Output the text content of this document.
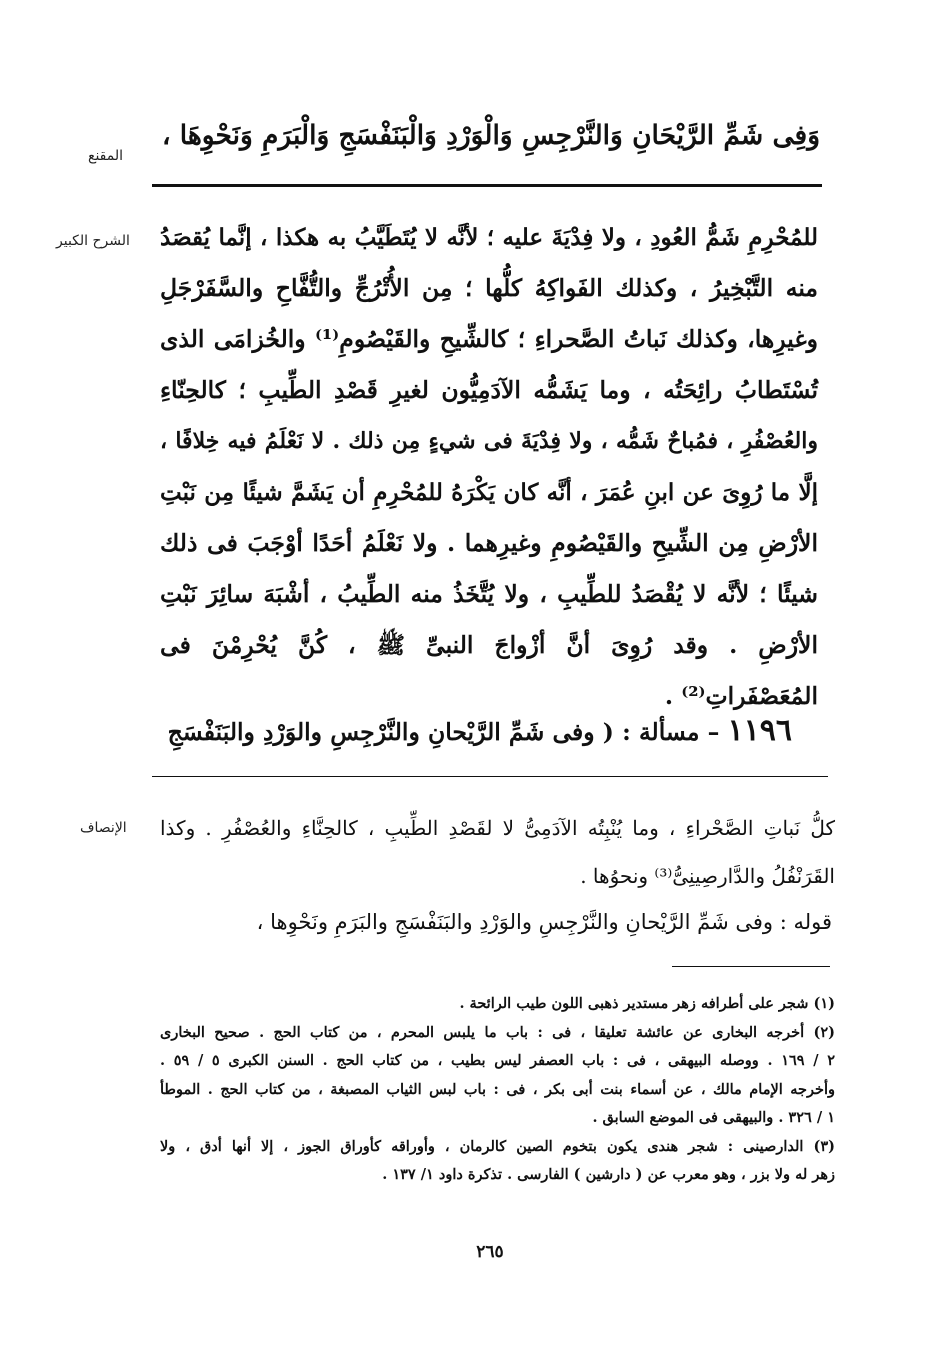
المقنع
وَفِى شَمِّ الرَّيْحَانِ وَالنَّرْجِسِ وَالْوَرْدِ وَالْبَنَفْسَجِ وَالْبَرَمِ وَنَحْوِهَا ،
الشرح الكبير للمُحْرِمِ شَمُّ العُودِ ، ولا فِدْيَةَ عليه ؛ لأنَّه لا يُتَطَيَّبُ به هكذا ، إنَّما يُقصَدُ
منه التَّبْخِيرُ ، وكذلك الفَواكِهُ كلُّها ؛ مِن الأُتْرُجِّ والتُّفَّاحِ والسَّفَرْجَلِ
وغيرِها، وكذلك نَباتُ الصَّحراءِ ؛ كالشِّيحِ والقَيْصُومِ⁽¹⁾ والخُزامَى الذى
تُسْتَطابُ رائِحَتُه ، وما يَشَمُّه الآدَمِيُّون لغيرِ قَصْدِ الطِّيبِ ؛ كالحِنّاءِ
والعُصْفُرِ ، فمُباحٌ شَمُّه ، ولا فِدْيَةَ فى شيءٍ مِن ذلك . لا نَعْلَمُ فيه خِلافًا ،
إلَّا ما رُوِىَ عن ابنِ عُمَرَ ، أنَّه كان يَكْرَهُ للمُحْرِمِ أن يَشَمَّ شيئًا مِن نَبْتِ
الأرْضِ مِن الشِّيحِ والقَيْصُومِ وغيرِهما . ولا نَعْلَمُ أحَدًا أوْجَبَ فى ذلك
شيئًا ؛ لأنَّه لا يُقْصَدُ للطِّيبِ ، ولا يُتَّخَذُ منه الطِّيبُ ، أشْبَهَ سائِرَ نَبْتِ
الأرْضِ . وقد رُوِىَ أنَّ أزْواجَ النبىِّ ﷺ ، كُنَّ يُحْرِمْنَ فى
المُعَصْفَراتِ⁽²⁾ .
١١٩٦ – مسألة : ( وفى شَمِّ الرَّيْحانِ والنَّرْجِسِ والوَرْدِ والبَنَفْسَجِ
الإنصاف كلُّ نَباتِ الصَّحْراءِ ، وما يُنْبِتُه الآدَمِىُّ لا لقَصْدِ الطِّيبِ ، كالحِنَّاءِ والعُصْفُرِ . وكذا
القَرَنْفُلُ والدَّارصِينِىُّ⁽³⁾ ونحوُها .
قوله : وفى شَمِّ الرَّيْحانِ والنَّرْجِسِ والوَرْدِ والبَنَفْسَجِ والبَرَمِ ونَحْوِها ،
(١) شجر على أطرافه زهر مستدير ذهبى اللون طيب الرائحة .
(٢) أخرجه البخارى عن عائشة تعليقا ، فى : باب ما يلبس المحرم ، من كتاب الحج . صحيح البخارى
٢ / ١٦٩ . ووصله البيهقى ، فى : باب العصفر ليس بطيب ، من كتاب الحج . السنن الكبرى ٥ / ٥٩ .
وأخرجه الإمام مالك ، عن أسماء بنت أبى بكر ، فى : باب لبس الثياب المصبغة ، من كتاب الحج . الموطأ
١ / ٣٢٦ . والبيهقى فى الموضع السابق .
(٣) الدارصينى : شجر هندى يكون بتخوم الصين كالرمان ، وأوراقه كأوراق الجوز ، إلا أنها أدق ، ولا
زهر له ولا بزر ، وهو معرب عن ( دارشين ) الفارسى . تذكرة داود ١/ ١٣٧ .
٢٦٥
